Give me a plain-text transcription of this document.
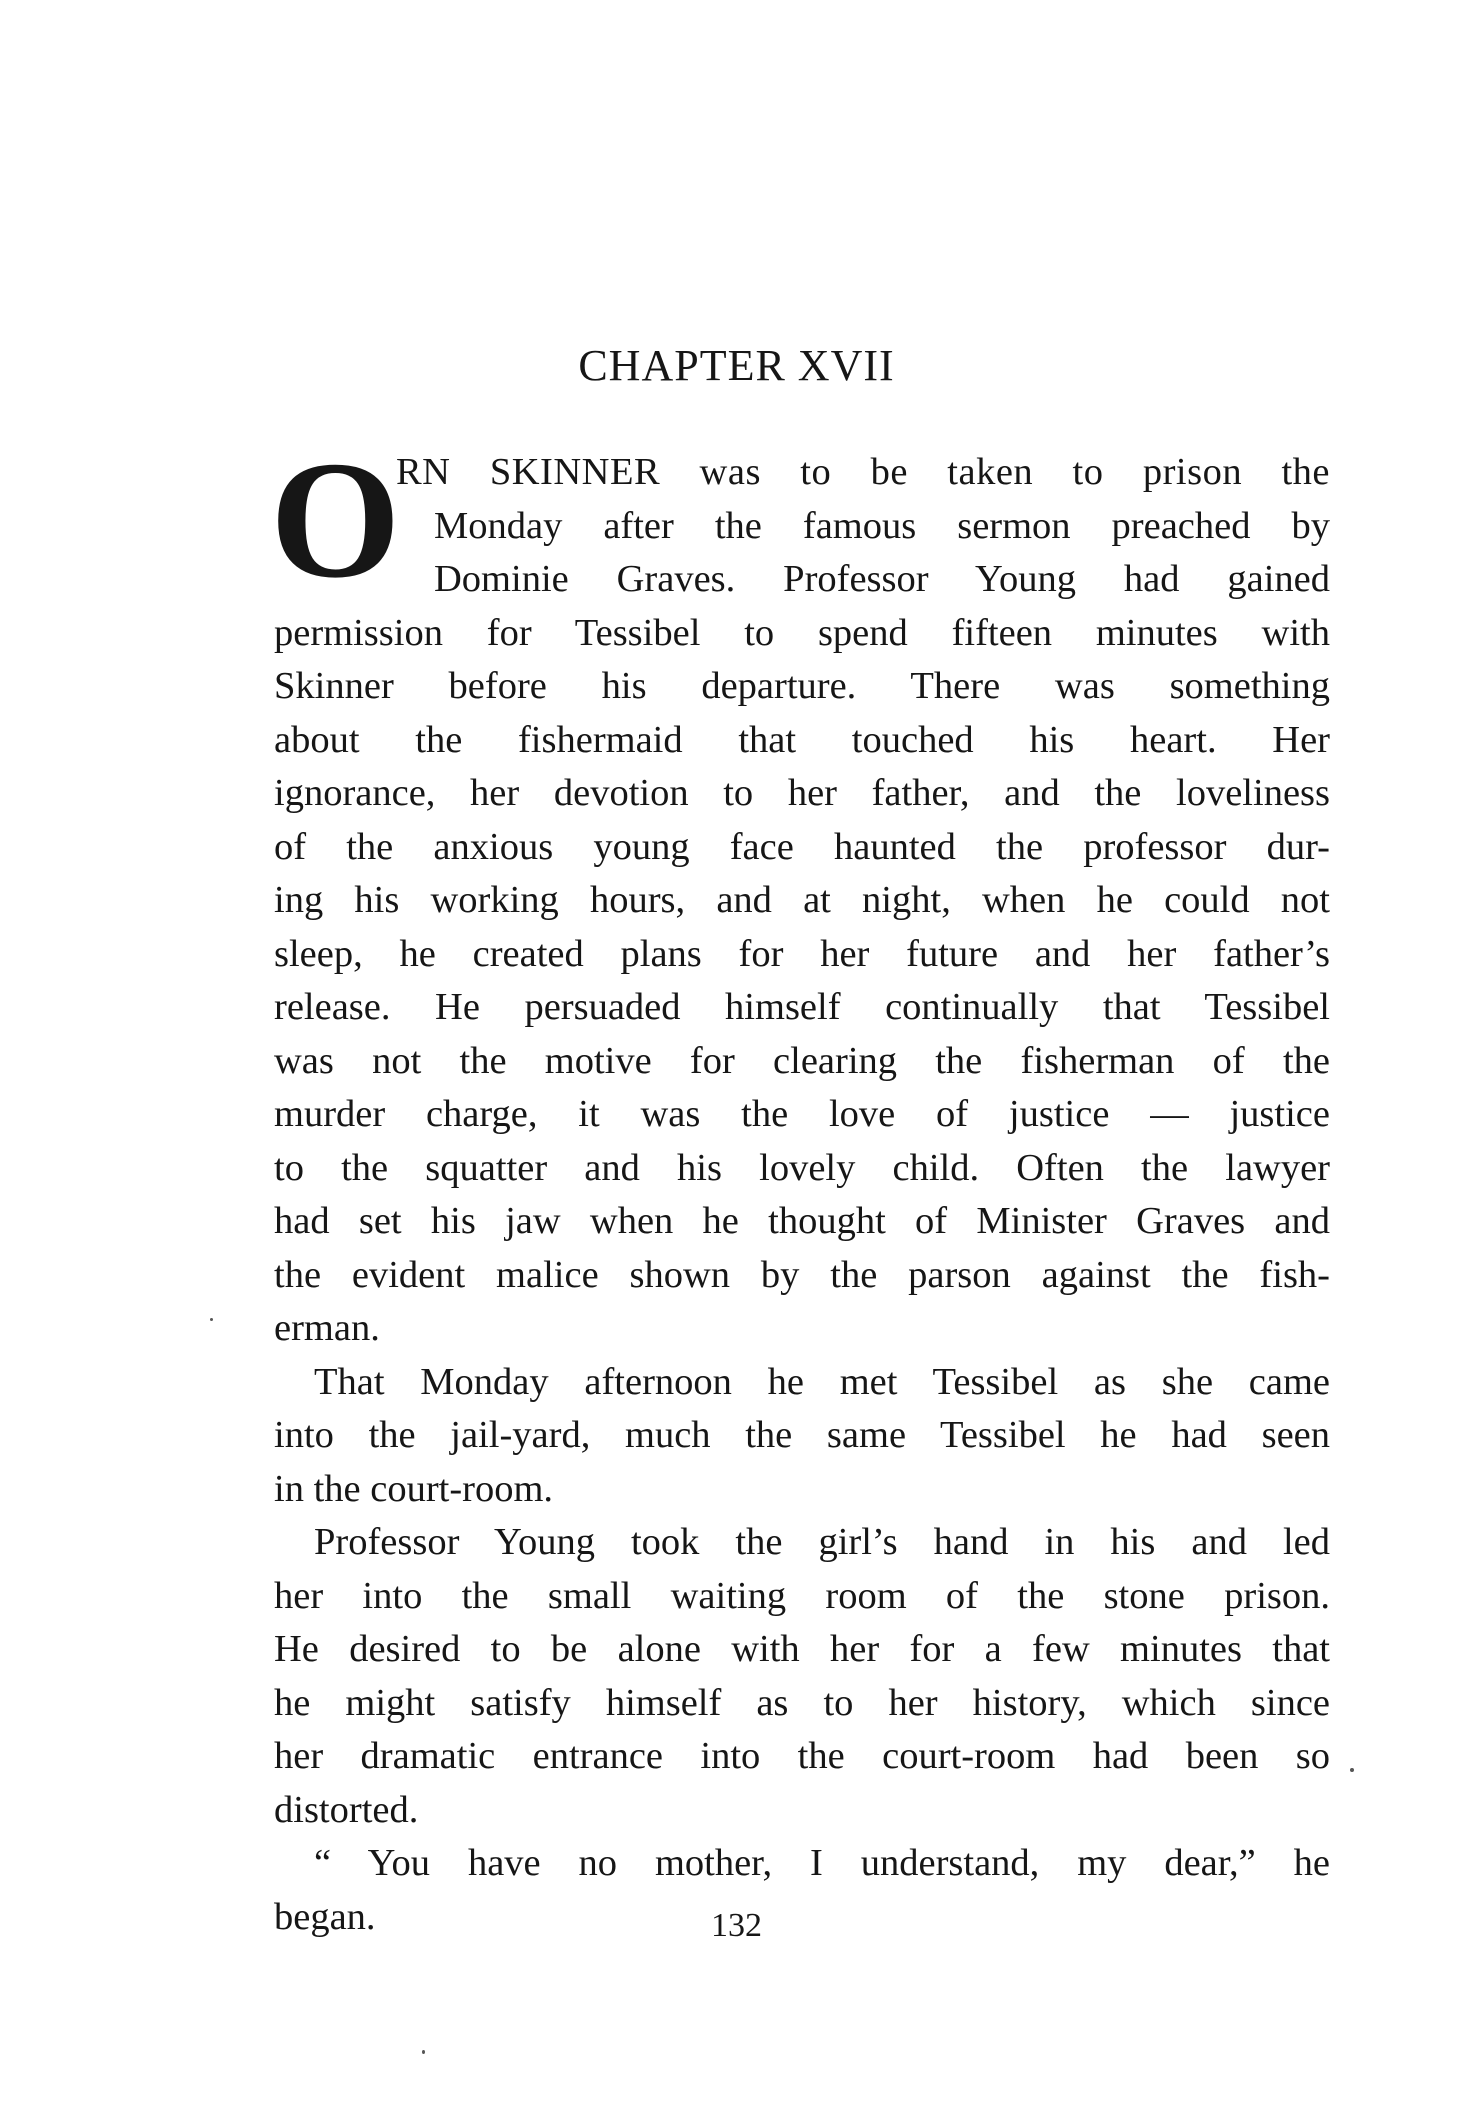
CHAPTER XVII
O
RN SKINNER was to be taken to prison the
Monday after the famous sermon preached by
Dominie Graves. Professor Young had gained
permission for Tessibel to spend fifteen minutes with
Skinner before his departure. There was something
about the fishermaid that touched his heart. Her
ignorance, her devotion to her father, and the loveliness
of the anxious young face haunted the professor dur-
ing his working hours, and at night, when he could not
sleep, he created plans for her future and her father’s
release. He persuaded himself continually that Tessibel
was not the motive for clearing the fisherman of the
murder charge, it was the love of justice — justice
to the squatter and his lovely child. Often the lawyer
had set his jaw when he thought of Minister Graves and
the evident malice shown by the parson against the fish-
erman.
That Monday afternoon he met Tessibel as she came
into the jail-yard, much the same Tessibel he had seen
in the court-room.
Professor Young took the girl’s hand in his and led
her into the small waiting room of the stone prison.
He desired to be alone with her for a few minutes that
he might satisfy himself as to her history, which since
her dramatic entrance into the court-room had been so
distorted.
“ You have no mother, I understand, my dear,” he
began.	132
